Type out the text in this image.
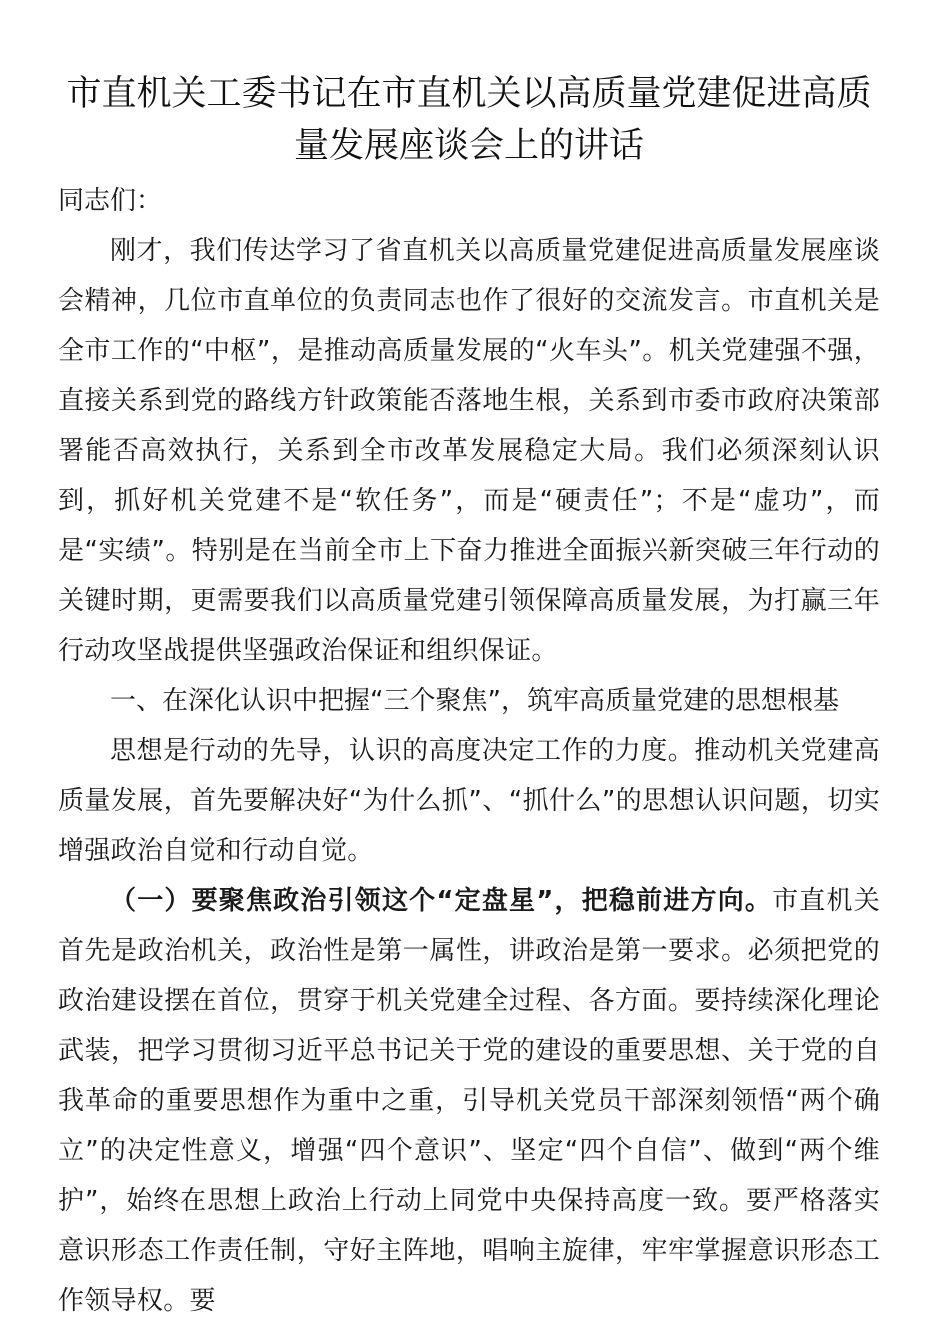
市直机关工委书记在市直机关以高质量党建促进高质量发展座谈会上的讲话

同志们：

刚才，我们传达学习了省直机关以高质量党建促进高质量发展座谈会精神，几位市直单位的负责同志也作了很好的交流发言。市直机关是全市工作的“中枢”，是推动高质量发展的“火车头”。机关党建强不强，直接关系到党的路线方针政策能否落地生根，关系到市委市政府决策部署能否高效执行，关系到全市改革发展稳定大局。我们必须深刻认识到，抓好机关党建不是“软任务”，而是“硬责任”；不是“虚功”，而是“实绩”。特别是在当前全市上下奋力推进全面振兴新突破三年行动的关键时期，更需要我们以高质量党建引领保障高质量发展，为打赢三年行动攻坚战提供坚强政治保证和组织保证。

一、在深化认识中把握“三个聚焦”，筑牢高质量党建的思想根基

思想是行动的先导，认识的高度决定工作的力度。推动机关党建高质量发展，首先要解决好“为什么抓”、“抓什么”的思想认识问题，切实增强政治自觉和行动自觉。

（一）要聚焦政治引领这个“定盘星”，把稳前进方向。市直机关首先是政治机关，政治性是第一属性，讲政治是第一要求。必须把党的政治建设摆在首位，贯穿于机关党建全过程、各方面。要持续深化理论武装，把学习贯彻习近平总书记关于党的建设的重要思想、关于党的自我革命的重要思想作为重中之重，引导机关党员干部深刻领悟“两个确立”的决定性意义，增强“四个意识”、坚定“四个自信”、做到“两个维护”，始终在思想上政治上行动上同党中央保持高度一致。要严格落实意识形态工作责任制，守好主阵地，唱响主旋律，牢牢掌握意识形态工作领导权。要
